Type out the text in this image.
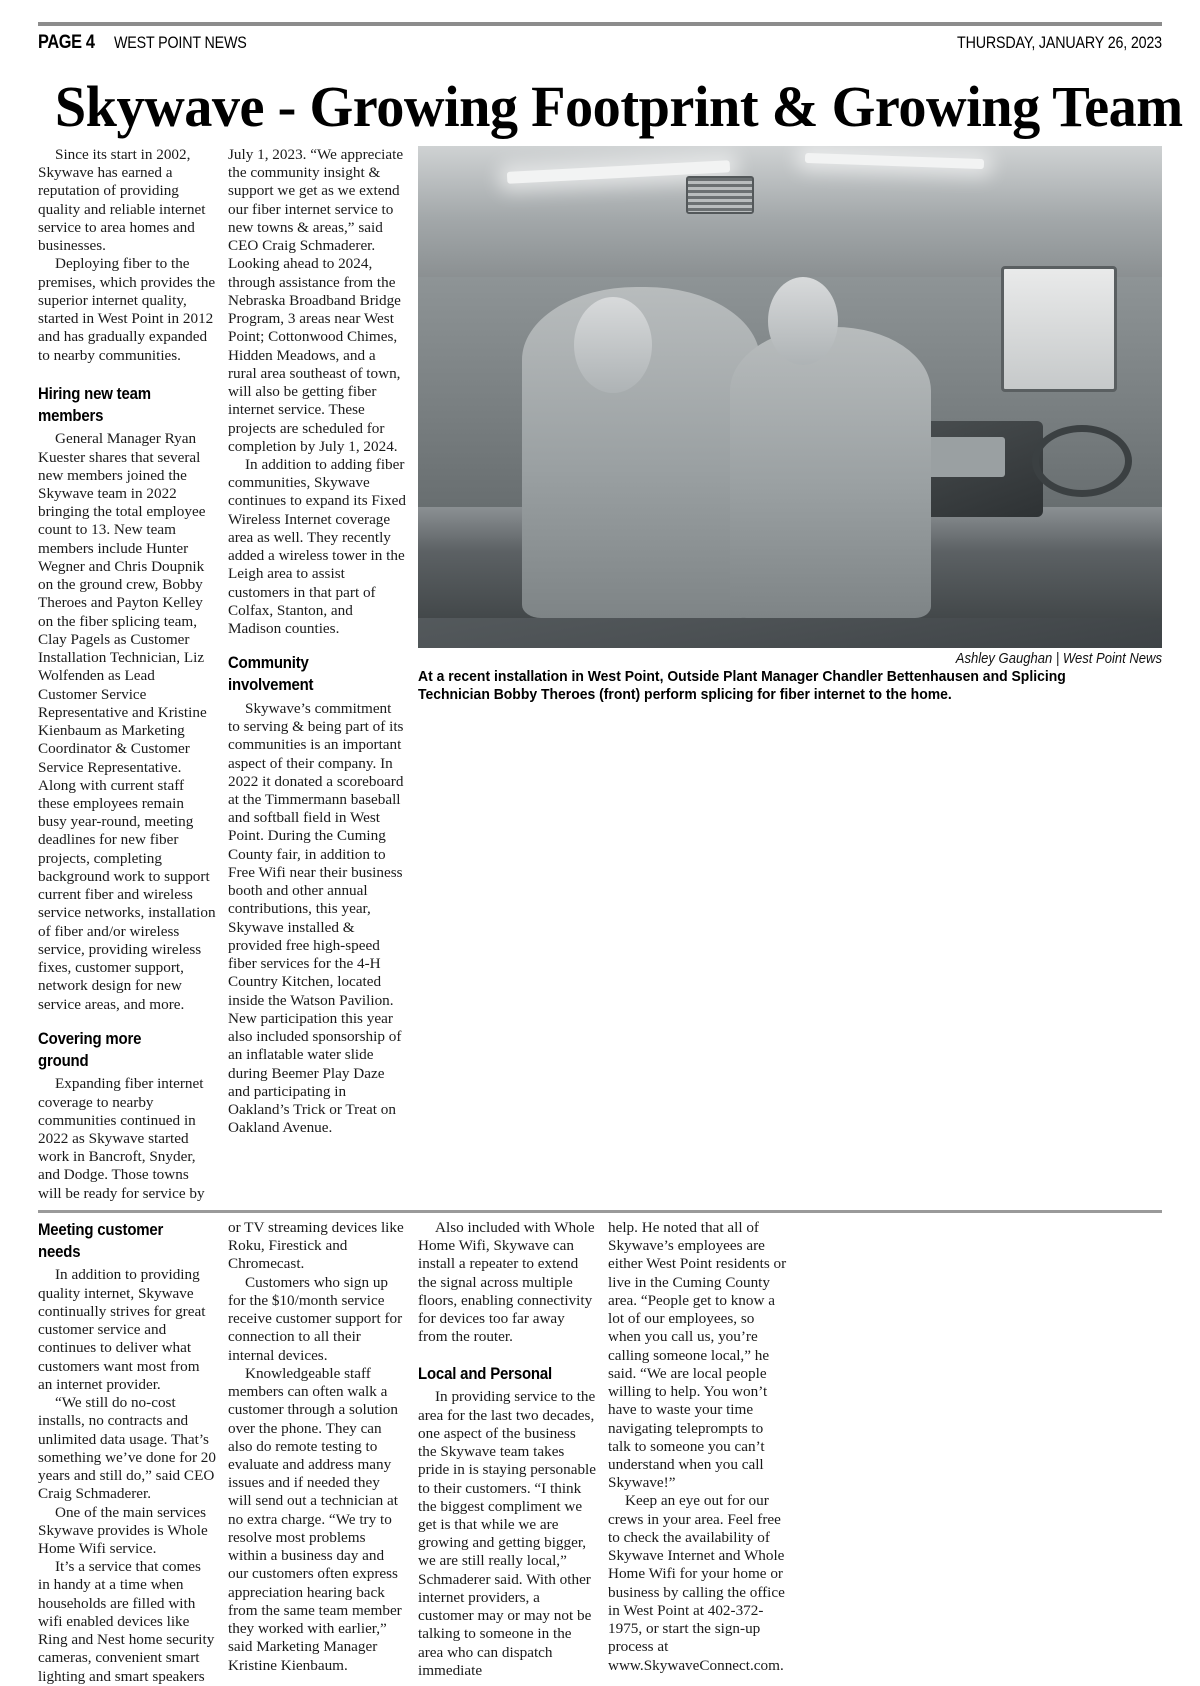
PAGE 4 WEST POINT NEWS	THURSDAY, JANUARY 26, 2023
Skywave - Growing Footprint & Growing Team

Since its start in 2002, Skywave has earned a reputation of providing quality and reliable internet service to area homes and businesses.

Deploying fiber to the premises, which provides the superior internet quality, started in West Point in 2012 and has gradually expanded to nearby communities.

Hiring new team members

General Manager Ryan Kuester shares that several new members joined the Skywave team in 2022 bringing the total employee count to 13. New team members include Hunter Wegner and Chris Doupnik on the ground crew, Bobby Theroes and Payton Kelley on the fiber splicing team, Clay Pagels as Customer Installation Technician, Liz Wolfenden as Lead Customer Service Representative and Kristine Kienbaum as Marketing Coordinator & Customer Service Representative. Along with current staff these employees remain busy year-round, meeting deadlines for new fiber projects, completing background work to support current fiber and wireless service networks, installation of fiber and/or wireless service, providing wireless fixes, customer support, network design for new service areas, and more.

Covering more ground

Expanding fiber internet coverage to nearby communities continued in 2022 as Skywave started work in Bancroft, Snyder, and Dodge. Those towns will be ready for service by

July 1, 2023. “We appreciate the community insight & support we get as we extend our fiber internet service to new towns & areas,” said CEO Craig Schmaderer. Looking ahead to 2024, through assistance from the Nebraska Broadband Bridge Program, 3 areas near West Point; Cottonwood Chimes, Hidden Meadows, and a rural area southeast of town, will also be getting fiber internet service. These projects are scheduled for completion by July 1, 2024.

In addition to adding fiber communities, Skywave continues to expand its Fixed Wireless Internet coverage area as well. They recently added a wireless tower in the Leigh area to assist customers in that part of Colfax, Stanton, and Madison counties.

Community involvement

Skywave’s commitment to serving & being part of its communities is an important aspect of their company. In 2022 it donated a scoreboard at the Timmermann baseball and softball field in West Point. During the Cuming County fair, in addition to Free Wifi near their business booth and other annual contributions, this year, Skywave installed & provided free high-speed fiber services for the 4-H Country Kitchen, located inside the Watson Pavilion. New participation this year also included sponsorship of an inflatable water slide during Beemer Play Daze and participating in Oakland’s Trick or Treat on Oakland Avenue.

Ashley Gaughan | West Point News
At a recent installation in West Point, Outside Plant Manager Chandler Bettenhausen and Splicing Technician Bobby Theroes (front) perform splicing for fiber internet to the home.
Meeting customer needs

In addition to providing quality internet, Skywave continually strives for great customer service and continues to deliver what customers want most from an internet provider.

“We still do no-cost installs, no contracts and unlimited data usage. That’s something we’ve done for 20 years and still do,” said CEO Craig Schmaderer.

One of the main services Skywave provides is Whole Home Wifi service.

It’s a service that comes in handy at a time when households are filled with wifi enabled devices like Ring and Nest home security cameras, convenient smart lighting and smart speakers

or TV streaming devices like Roku, Firestick and Chromecast.

Customers who sign up for the $10/month service receive customer support for connection to all their internal devices.

Knowledgeable staff members can often walk a customer through a solution over the phone. They can also do remote testing to evaluate and address many issues and if needed they will send out a technician at no extra charge. “We try to resolve most problems within a business day and our customers often express appreciation hearing back from the same team member they worked with earlier,” said Marketing Manager Kristine Kienbaum.

Also included with Whole Home Wifi, Skywave can install a repeater to extend the signal across multiple floors, enabling connectivity for devices too far away from the router.

Local and Personal

In providing service to the area for the last two decades, one aspect of the business the Skywave team takes pride in is staying personable to their customers. “I think the biggest compliment we get is that while we are growing and getting bigger, we are still really local,” Schmaderer said. With other internet providers, a customer may or may not be talking to someone in the area who can dispatch immediate

help. He noted that all of Skywave’s employees are either West Point residents or live in the Cuming County area. “People get to know a lot of our employees, so when you call us, you’re calling someone local,” he said. “We are local people willing to help. You won’t have to waste your time navigating teleprompts to talk to someone you can’t understand when you call Skywave!”

Keep an eye out for our crews in your area. Feel free to check the availability of Skywave Internet and Whole Home Wifi for your home or business by calling the office in West Point at 402-372-1975, or start the sign-up process at www.SkywaveConnect.com.
